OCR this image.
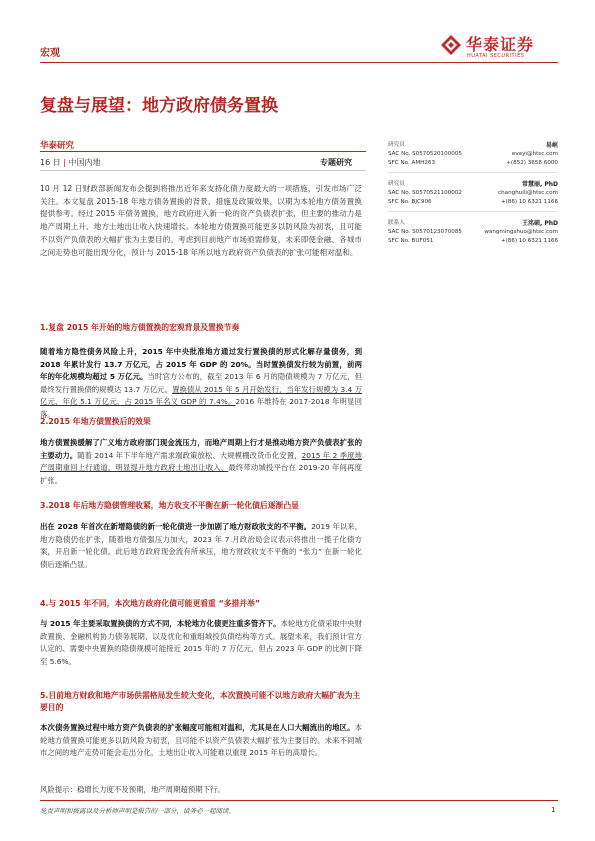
宏观	华泰证券
HUATAI SECURITIES
复盘与展望：地方政府债务置换
华泰研究
16 日 | 中国内地	专题研究
10 月 12 日财政部新闻发布会提到将推出近年来支持化债力度最大的一项措施，引发市场广泛关注。本文复盘 2015-18 年地方债务置换的背景、措施及政策效果，以期为本轮地方债务置换提供参考。经过 2015 年债务置换，地方政府进入新一轮的资产负债表扩张，但主要的推动力是地产周期上升、地方土地出让收入快速增长。本轮地方债置换可能更多以防风险为初衷，且可能不以资产负债表的大幅扩张为主要目的。考虑到目前地产市场亟需修复，未来即使金融、各城市之间走势也可能出现分化，预计与 2015-18 年所以地方政府资产负债表的扩张可能相对温和。
研究员	易峘
SAC No. S0570520100005	evayi@htsc.com
SFC No. AMH263	+(852) 3658 6000
研究员	常慧丽, PhD
SAC No. S0570521100002	changhuili@htsc.com
SFC No. BJC906	+(86) 10 6321 1166
联系人	王洺硕, PhD
SAC No. S0570123070085	wangmingshuo@htsc.com
SFC No. BUF051	+(86) 10 6321 1166
1.复盘 2015 年开始的地方债置换的宏观背景及置换节奏
随着地方隐性债务风险上升，2015 年中央批准地方通过发行置换债的形式化解存量债务，到 2018 年累计发行 13.7 万亿元，占 2015 年 GDP 的 20%。当时置换债发行较为前置，前两年的年化规模均超过 5 万亿元。当时官方公布的，截至 2013 年 6 月的隐债规模为 7 万亿元，但最终发行置换债的规模达 13.7 万亿元。置换债从 2015 年 5 月开始发行，当年发行规模为 3.4 万亿元、年化 5.1 万亿元，占 2015 年名义 GDP 的 7.4%。2016 年维持在 2017-2018 年明显回落。
2.2015 年地方债置换后的效果
地方债置换缓解了广义地方政府部门现金流压力，而地产周期上行才是推动地方资产负债表扩张的主要动力。随着 2014 年下半年地产需求端政策放松、大规模棚改货币化安置，2015 年 2 季度地产周期重回上行通道，明显提升地方政府土地出让收入，最终带动城投平台在 2019-20 年间再度扩张。
3.2018 年后地方隐债管理收紧，地方收支不平衡在新一轮化债后逐渐凸显
出在 2028 年首次在新增隐债的新一轮化债进一步加剧了地方财政收支的不平衡。2019 年以来，地方隐债仍在扩张，随着地方债强压力加大，2023 年 7 月政治局会议表示将推出一揽子化债方案，开启新一轮化债。此后地方政府现金流有所承压，地方财政收支不平衡的 “张力” 在新一轮化债后逐渐凸显。
4.与 2015 年不同，本次地方政府化债可能更看重 “多措并举”
与 2015 年主要采取置换债的方式不同，本轮地方化债更注重多管齐下。本轮地方化债采取中央财政置换、金融机构协力债务展期、以及优化和重组城投负债结构等方式。展望未来，我们预计官方认定的、需要中央置换的隐债规模可能接近 2015 年的 7 万亿元，但占 2023 年 GDP 的比例下降至 5.6%。
5.目前地方财政和地产市场供需格局发生较大变化，本次置换可能不以地方政府大幅扩表为主要目的
本次债务置换过程中地方资产负债表的扩张幅度可能相对温和，尤其是在人口大幅流出的地区。本轮地方债置换可能更多以防风险为初衷，且可能不以资产负债表大幅扩张为主要目的。未来不同城市之间的地产走势可能会走出分化，土地出让收入可能难以重现 2015 年后的高增长。
风险提示：稳增长力度不及预期，地产周期超预期下行。
免责声明和披露以及分析师声明是报告的一部分，请务必一起阅读。	1
